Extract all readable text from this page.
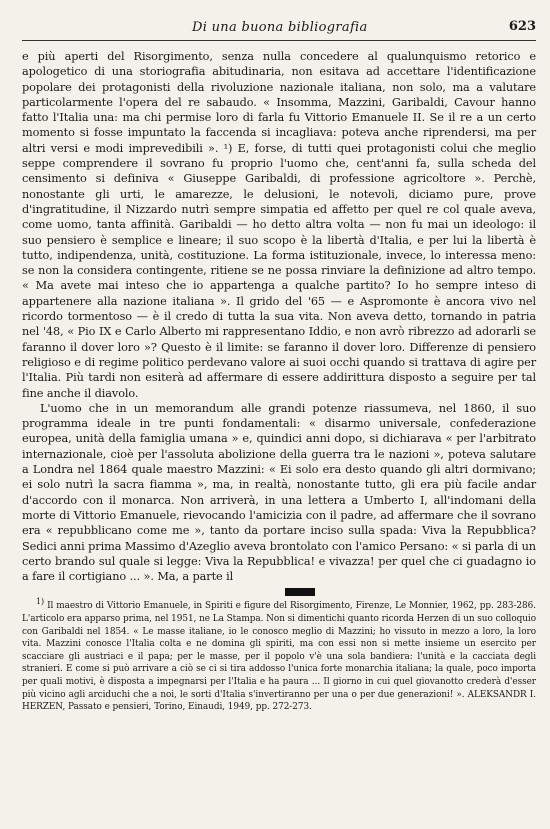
Di una buona bibliografia	623

e più aperti del Risorgimento, senza nulla concedere al qualunquismo retorico e apologetico di una storiografia abitudinaria, non esitava ad accettare l'identificazione popolare dei protagonisti della rivoluzione nazionale italiana, non solo, ma a valutare particolarmente l'opera del re sabaudo. « Insomma, Mazzini, Garibaldi, Cavour hanno fatto l'Italia una: ma chi permise loro di farla fu Vittorio Emanuele II. Se il re a un certo momento si fosse impuntato la faccenda si incagliava: poteva anche riprendersi, ma per altri versi e modi imprevedibili ». ¹) E, forse, di tutti quei protagonisti colui che meglio seppe comprendere il sovrano fu proprio l'uomo che, cent'anni fa, sulla scheda del censimento si definiva « Giuseppe Garibaldi, di professione agricoltore ». Perchè, nonostante gli urti, le amarezze, le delusioni, le notevoli, diciamo pure, prove d'ingratitudine, il Nizzardo nutrì sempre simpatia ed affetto per quel re col quale aveva, come uomo, tanta affinità. Garibaldi — ho detto altra volta — non fu mai un ideologo: il suo pensiero è semplice e lineare; il suo scopo è la libertà d'Italia, e per lui la libertà è tutto, indipendenza, unità, costituzione. La forma istituzionale, invece, lo interessa meno: se non la considera contingente, ritiene se ne possa rinviare la definizione ad altro tempo. « Ma avete mai inteso che io appartenga a qualche partito? Io ho sempre inteso di appartenere alla nazione italiana ». Il grido del '65 — e Aspromonte è ancora vivo nel ricordo tormentoso — è il credo di tutta la sua vita. Non aveva detto, tornando in patria nel '48, « Pio IX e Carlo Alberto mi rappresentano Iddio, e non avrò ribrezzo ad adorarli se faranno il dover loro »? Questo è il limite: se faranno il dover loro. Differenze di pensiero religioso e di regime politico perdevano valore ai suoi occhi quando si trattava di agire per l'Italia. Più tardi non esiterà ad affermare di essere addirittura disposto a seguire per tal fine anche il diavolo.

L'uomo che in un memorandum alle grandi potenze riassumeva, nel 1860, il suo programma ideale in tre punti fondamentali: « disarmo universale, confederazione europea, unità della famiglia umana » e, quindici anni dopo, si dichiarava « per l'arbitrato internazionale, cioè per l'assoluta abolizione della guerra tra le nazioni », poteva salutare a Londra nel 1864 quale maestro Mazzini: « Ei solo era desto quando gli altri dormivano; ei solo nutrì la sacra fiamma », ma, in realtà, nonostante tutto, gli era più facile andar d'accordo con il monarca. Non arriverà, in una lettera a Umberto I, all'indomani della morte di Vittorio Emanuele, rievocando l'amicizia con il padre, ad affermare che il sovrano era « repubblicano come me », tanto da portare inciso sulla spada: Viva la Repubblica? Sedici anni prima Massimo d'Azeglio aveva brontolato con l'amico Persano: « si parla di un certo brando sul quale si legge: Viva la Repubblica! e vivazza! per quel che ci guadagno io a fare il cortigiano ... ». Ma, a parte il

1) Il maestro di Vittorio Emanuele, in Spiriti e figure del Risorgimento, Firenze, Le Monnier, 1962, pp. 283-286. L'articolo era apparso prima, nel 1951, ne La Stampa. Non si dimentichi quanto ricorda Herzen di un suo colloquio con Garibaldi nel 1854. « Le masse italiane, io le conosco meglio di Mazzini; ho vissuto in mezzo a loro, la loro vita. Mazzini conosce l'Italia colta e ne domina gli spiriti, ma con essi non si mette insieme un esercito per scacciare gli austriaci e il papa; per le masse, per il popolo v'è una sola bandiera: l'unità e la cacciata degli stranieri. E come si può arrivare a ciò se ci si tira addosso l'unica forte monarchia italiana; la quale, poco importa per quali motivi, è disposta a impegnarsi per l'Italia e ha paura ... Il giorno in cui quel giovanotto crederà d'esser più vicino agli arciduchi che a noi, le sorti d'Italia s'invertiranno per una o per due generazioni! ». ALEKSANDR I. HERZEN, Passato e pensieri, Torino, Einaudi, 1949, pp. 272-273.
